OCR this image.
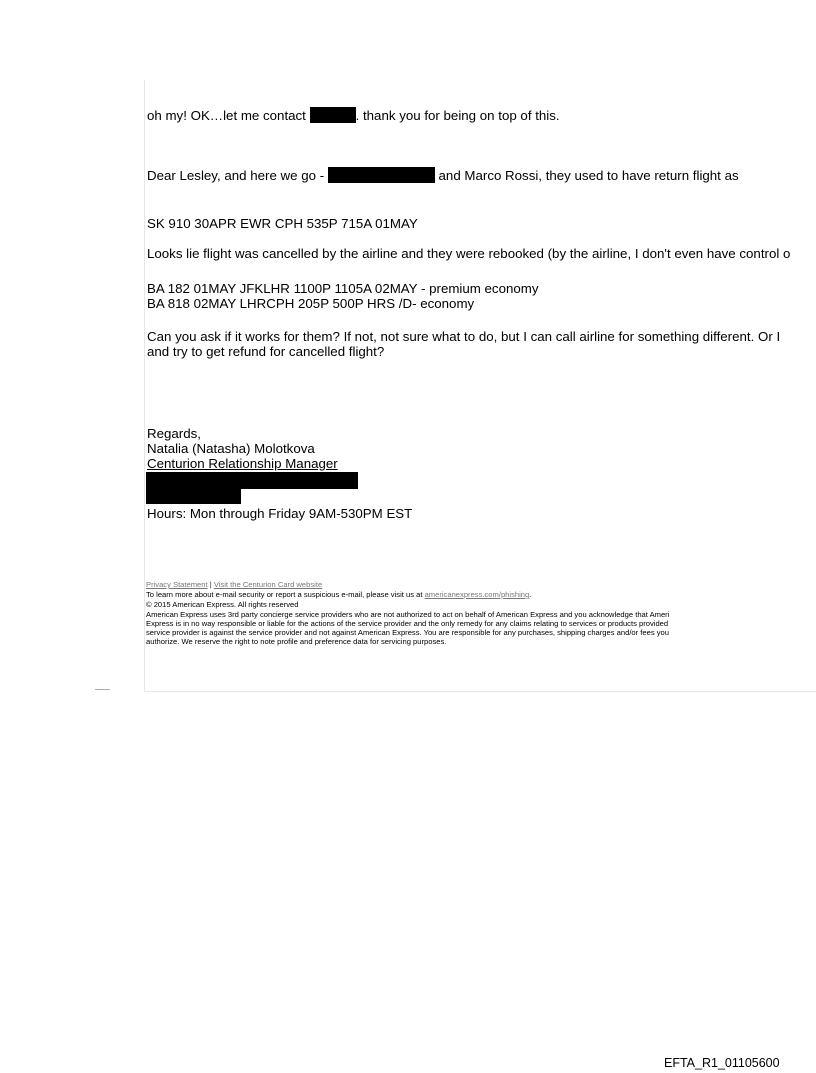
oh my! OK…let me contact	. thank you for being on top of this.
Dear Lesley, and here we go -	and Marco Rossi, they used to have return flight as
SK 910 30APR EWR CPH 535P 715A 01MAY
Looks lie flight was cancelled by the airline and they were rebooked (by the airline, I don't even have control o
BA 182 01MAY JFKLHR 1100P 1105A 02MAY - premium economy
BA 818 02MAY LHRCPH 205P 500P HRS /D- economy
Can you ask if it works for them? If not, not sure what to do, but I can call airline for something different. Or I
and try to get refund for cancelled flight?
Regards,
Natalia (Natasha) Molotkova
Centurion Relationship Manager
Hours: Mon through Friday 9AM-530PM EST
Privacy Statement | Visit the Centurion Card website
To learn more about e-mail security or report a suspicious e-mail, please visit us at americanexpress.com/phishing.
© 2015 American Express. All rights reserved
American Express uses 3rd party concierge service providers who are not authorized to act on behalf of American Express and you acknowledge that Ameri
Express is in no way responsible or liable for the actions of the service provider and the only remedy for any claims relating to services or products provided
service provider is against the service provider and not against American Express. You are responsible for any purchases, shipping charges and/or fees you
authorize. We reserve the right to note profile and preference data for servicing purposes.
EFTA_R1_01105600
